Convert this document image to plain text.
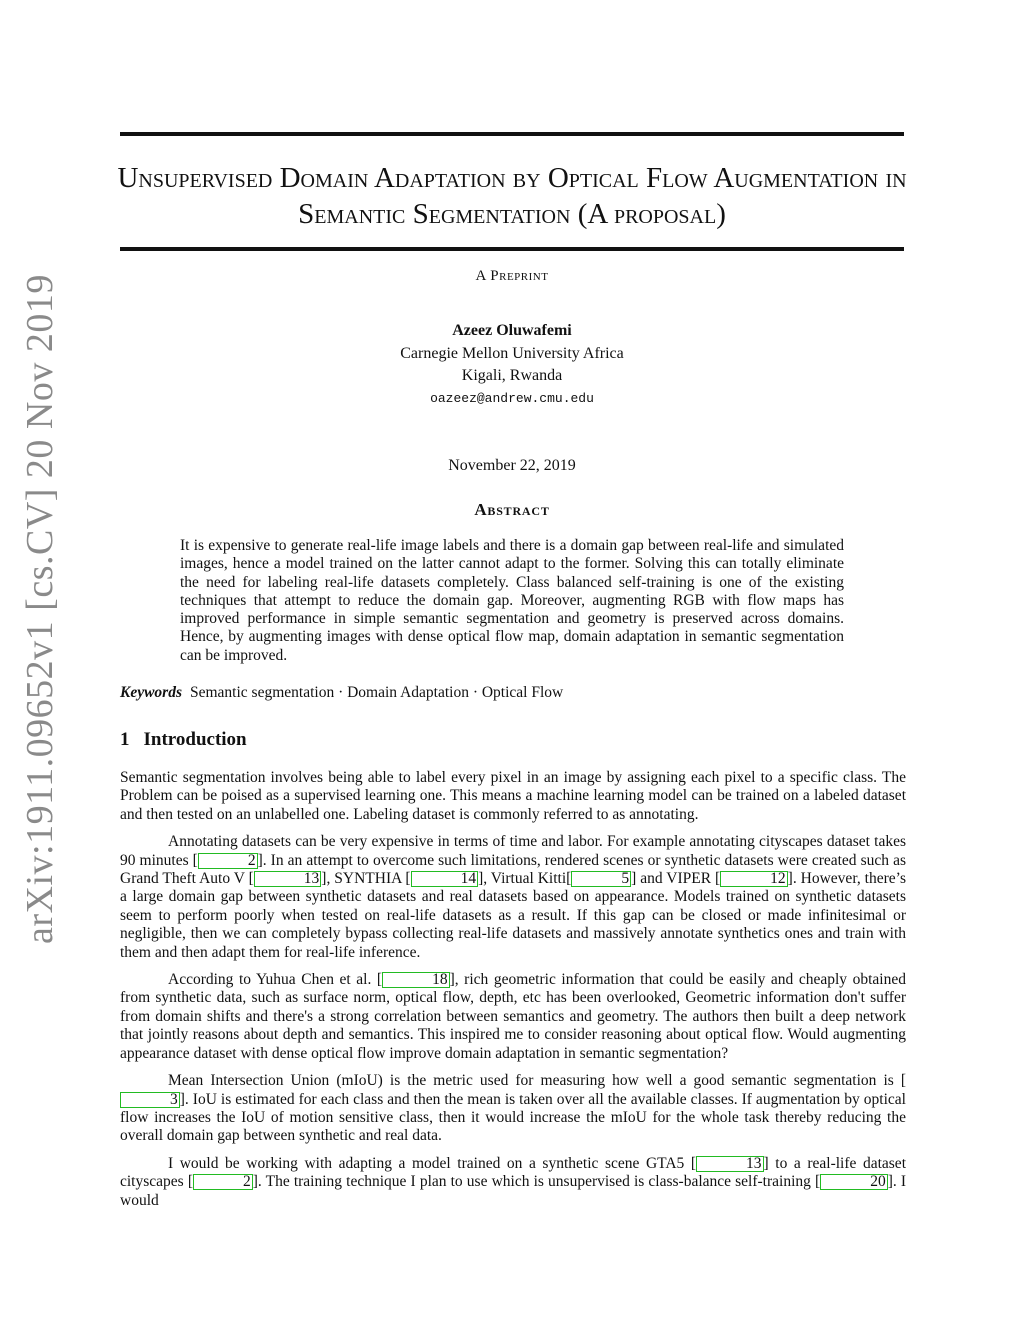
arXiv:1911.09652v1 [cs.CV] 20 Nov 2019
Unsupervised Domain Adaptation by Optical Flow Augmentation in Semantic Segmentation (A proposal)
A Preprint
Azeez Oluwafemi
Carnegie Mellon University Africa
Kigali, Rwanda
oazeez@andrew.cmu.edu
November 22, 2019
Abstract

It is expensive to generate real-life image labels and there is a domain gap between real-life and simulated images, hence a model trained on the latter cannot adapt to the former. Solving this can totally eliminate the need for labeling real-life datasets completely. Class balanced self-training is one of the existing techniques that attempt to reduce the domain gap. Moreover, augmenting RGB with flow maps has improved performance in simple semantic segmentation and geometry is preserved across domains. Hence, by augmenting images with dense optical flow map, domain adaptation in semantic segmentation can be improved.

Keywords Semantic segmentation · Domain Adaptation · Optical Flow
1 Introduction

Semantic segmentation involves being able to label every pixel in an image by assigning each pixel to a specific class. The Problem can be poised as a supervised learning one. This means a machine learning model can be trained on a labeled dataset and then tested on an unlabelled one. Labeling dataset is commonly referred to as annotating.

Annotating datasets can be very expensive in terms of time and labor. For example annotating cityscapes dataset takes 90 minutes [	2 ]. In an attempt to overcome such limitations, rendered scenes or synthetic datasets were created such as Grand Theft Auto V [	13 ], SYNTHIA [	14 ], Virtual Kitti[	5 ] and VIPER [	12 ]. However, there’s a large domain gap between synthetic datasets and real datasets based on appearance. Models trained on synthetic datasets seem to perform poorly when tested on real-life datasets as a result. If this gap can be closed or made infinitesimal or negligible, then we can completely bypass collecting real-life datasets and massively annotate synthetics ones and train with them and then adapt them for real-life inference.

According to Yuhua Chen et al. [	18 ], rich geometric information that could be easily and cheaply obtained from synthetic data, such as surface norm, optical flow, depth, etc has been overlooked, Geometric information don't suffer from domain shifts and there's a strong correlation between semantics and geometry. The authors then built a deep network that jointly reasons about depth and semantics. This inspired me to consider reasoning about optical flow. Would augmenting appearance dataset with dense optical flow improve domain adaptation in semantic segmentation?

Mean Intersection Union (mIoU) is the metric used for measuring how well a good semantic segmentation is [3 ]. IoU is estimated for each class and then the mean is taken over all the available classes. If augmentation by optical flow increases the IoU of motion sensitive class, then it would increase the mIoU for the whole task thereby reducing the overall domain gap between synthetic and real data.

I would be working with adapting a model trained on a synthetic scene GTA5 [	13 ] to a real-life dataset cityscapes [	2 ]. The training technique I plan to use which is unsupervised is class-balance self-training [	20 ]. I would
